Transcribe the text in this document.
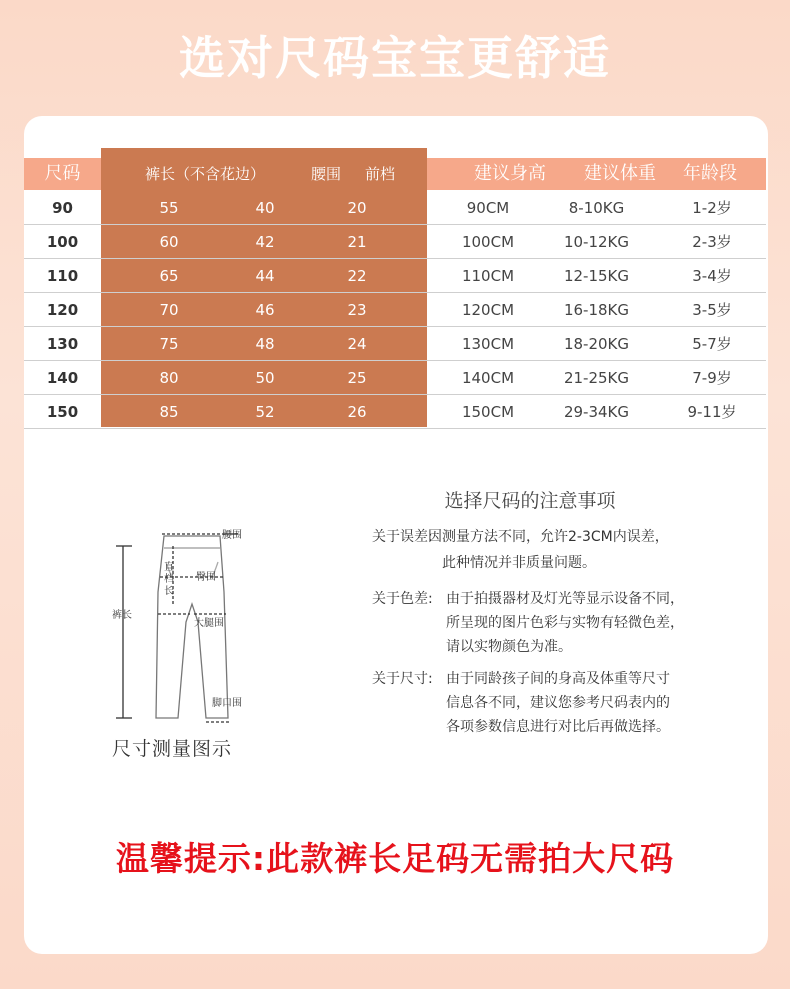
选对尺码宝宝更舒适
尺码	裤长（不含花边）	腰围	前档	建议身高	建议体重	年龄段
90	55	40	20	90CM	8-10KG	1-2岁
100	60	42	21	100CM	10-12KG	2-3岁
110	65	44	22	110CM	12-15KG	3-4岁
120	70	46	23	120CM	16-18KG	3-5岁
130	75	48	24	130CM	18-20KG	5-7岁
140	80	50	25	140CM	21-25KG	7-9岁
150	85	52	26	150CM	29-34KG	9-11岁
腰围
臀围
大腿围
脚口围
裤长
直
档
长
尺寸测量图示
选择尺码的注意事项
关于误差:
因测量方法不同，允许2-3CM内误差，
此种情况并非质量问题。
关于色差: 由于拍摄器材及灯光等显示设备不同，
所呈现的图片色彩与实物有轻微色差，
请以实物颜色为准。
关于尺寸: 由于同龄孩子间的身高及体重等尺寸
信息各不同，建议您参考尺码表内的
各项参数信息进行对比后再做选择。
温馨提示:此款裤长足码无需拍大尺码
